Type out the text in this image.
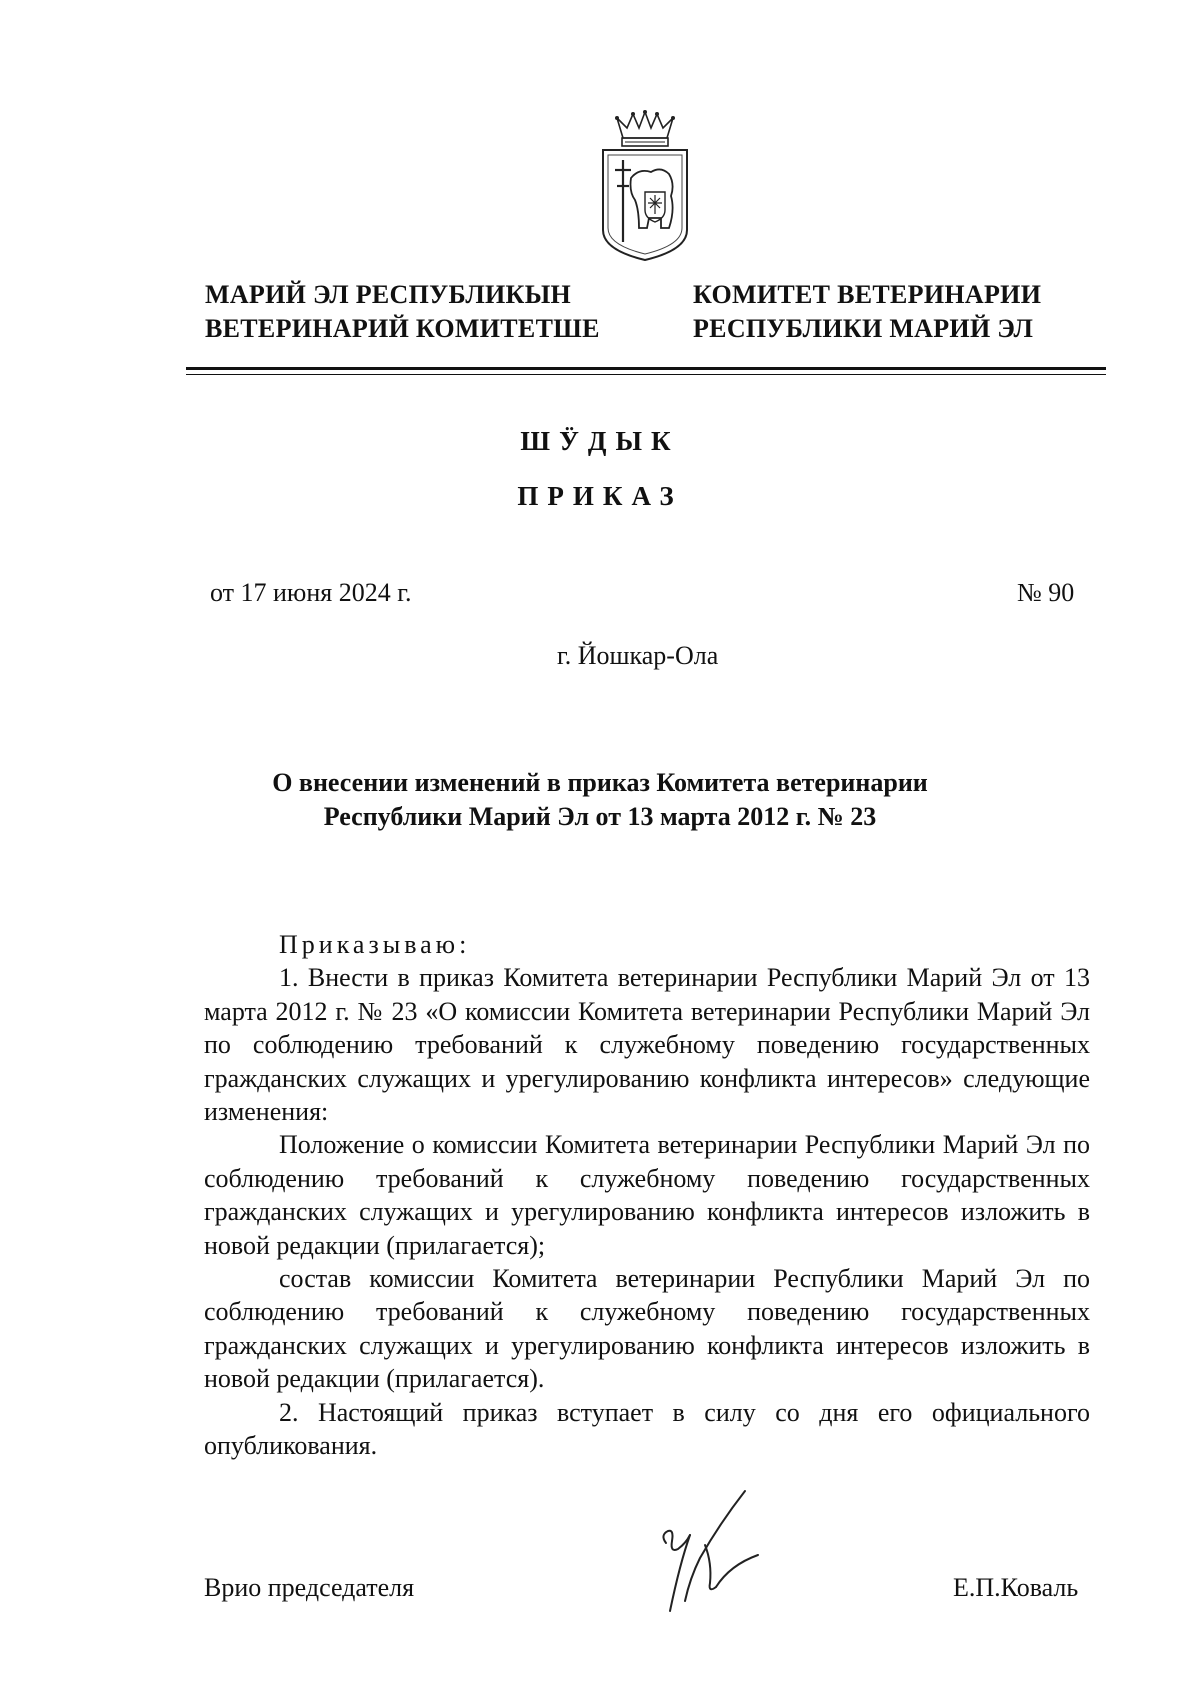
МАРИЙ ЭЛ РЕСПУБЛИКЫН
ВЕТЕРИНАРИЙ КОМИТЕТШЕ
КОМИТЕТ ВЕТЕРИНАРИИ
РЕСПУБЛИКИ МАРИЙ ЭЛ
ШӰДЫК
ПРИКАЗ
от 17 июня 2024 г.	№ 90
г. Йошкар-Ола
О внесении изменений в приказ Комитета ветеринарии
Республики Марий Эл от 13 марта 2012 г. № 23

Приказываю:

1. Внести в приказ Комитета ветеринарии Республики Марий Эл от 13 марта 2012 г. № 23 «О комиссии Комитета ветеринарии Республики Марий Эл по соблюдению требований к служебному поведению государственных гражданских служащих и урегулированию конфликта интересов» следующие изменения:

Положение о комиссии Комитета ветеринарии Республики Марий Эл по соблюдению требований к служебному поведению государственных гражданских служащих и урегулированию конфликта интересов изложить в новой редакции (прилагается);

состав комиссии Комитета ветеринарии Республики Марий Эл по соблюдению требований к служебному поведению государственных гражданских служащих и урегулированию конфликта интересов изложить в новой редакции (прилагается).

2. Настоящий приказ вступает в силу со дня его официального опубликования.

Врио председателя	Е.П.Коваль
